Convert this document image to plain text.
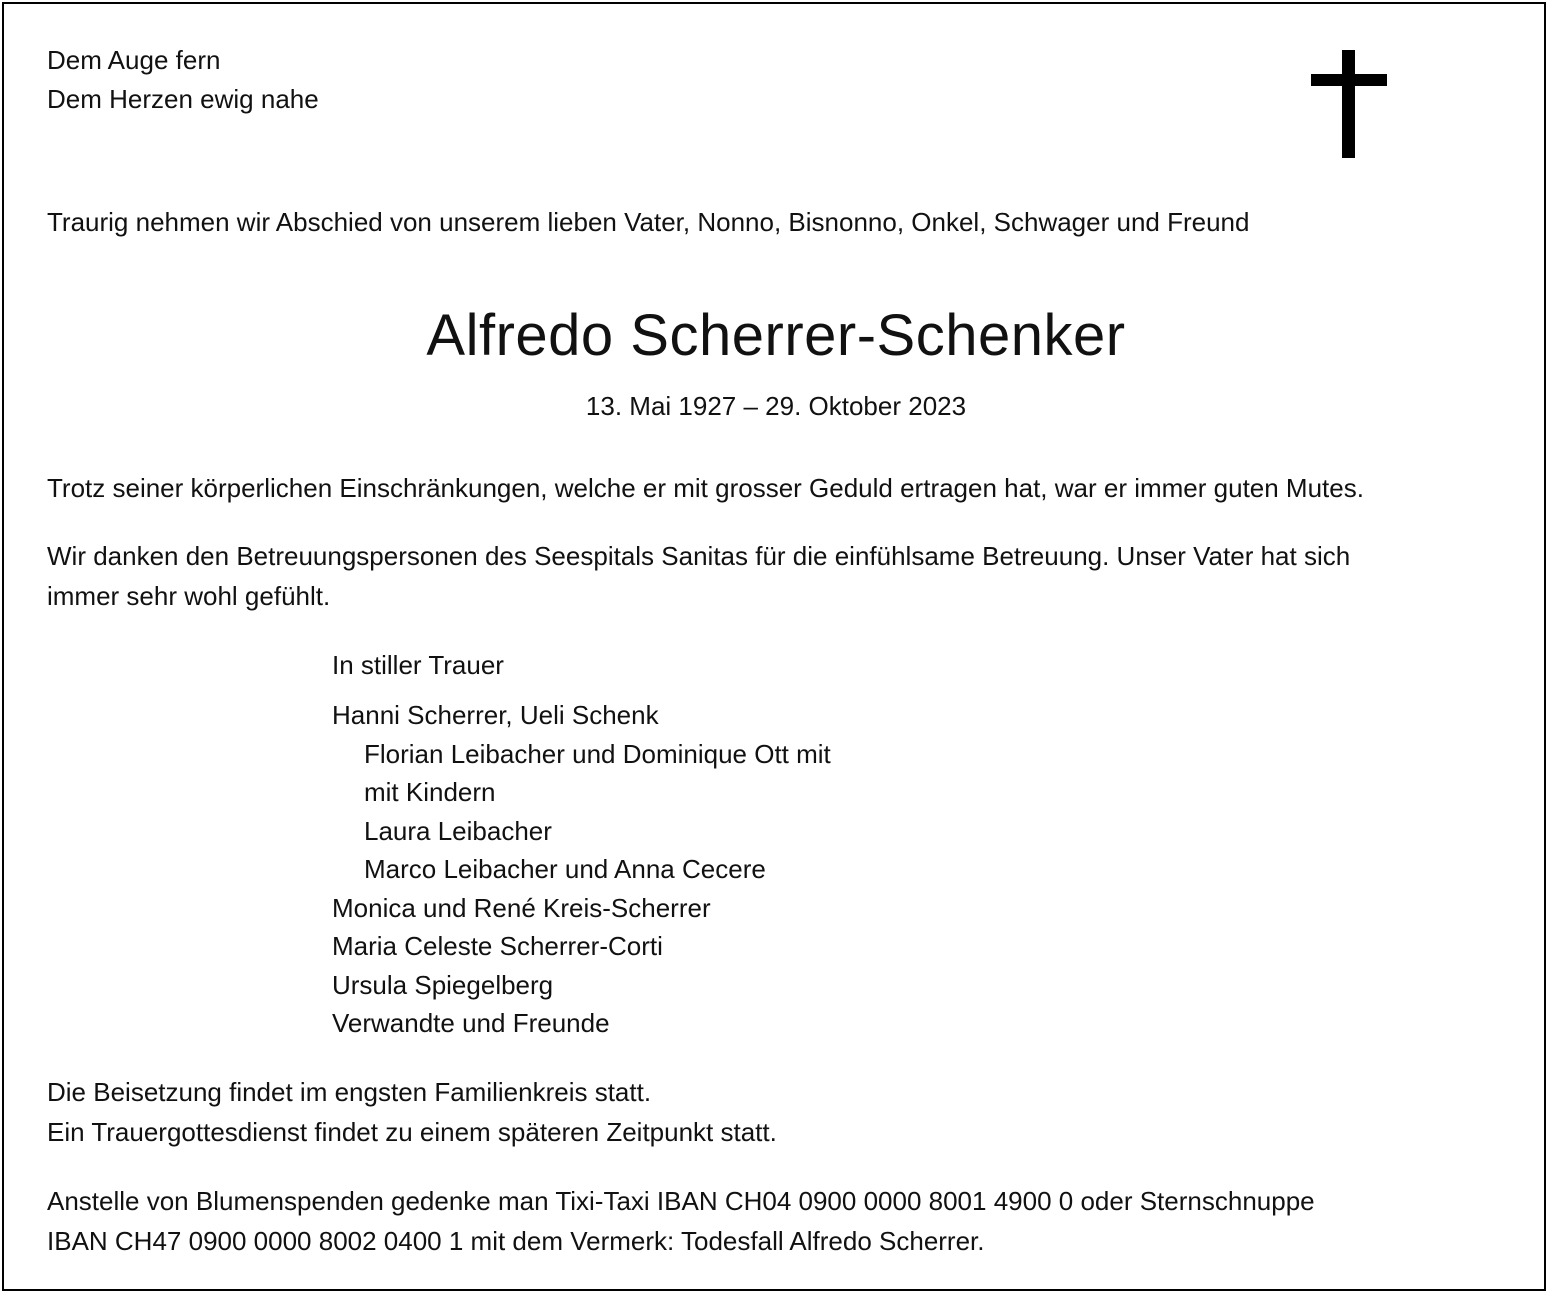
Dem Auge fern
Dem Herzen ewig nahe

Traurig nehmen wir Abschied von unserem lieben Vater, Nonno, Bisnonno, Onkel, Schwager und Freund

Alfredo Scherrer-Schenker
13. Mai 1927 – 29. Oktober 2023

Trotz seiner körperlichen Einschränkungen, welche er mit grosser Geduld ertragen hat, war er immer guten Mutes.

Wir danken den Betreuungspersonen des Seespitals Sanitas für die einfühlsame Betreuung. Unser Vater hat sich
immer sehr wohl gefühlt.

In stiller Trauer

Hanni Scherrer, Ueli Schenk
Florian Leibacher und Dominique Ott mit
mit Kindern
Laura Leibacher
Marco Leibacher und Anna Cecere
Monica und René Kreis-Scherrer
Maria Celeste Scherrer-Corti
Ursula Spiegelberg
Verwandte und Freunde
Die Beisetzung findet im engsten Familienkreis statt.
Ein Trauergottesdienst findet zu einem späteren Zeitpunkt statt.
Anstelle von Blumenspenden gedenke man Tixi-Taxi IBAN CH04 0900 0000 8001 4900 0 oder Sternschnuppe
IBAN CH47 0900 0000 8002 0400 1 mit dem Vermerk: Todesfall Alfredo Scherrer.
